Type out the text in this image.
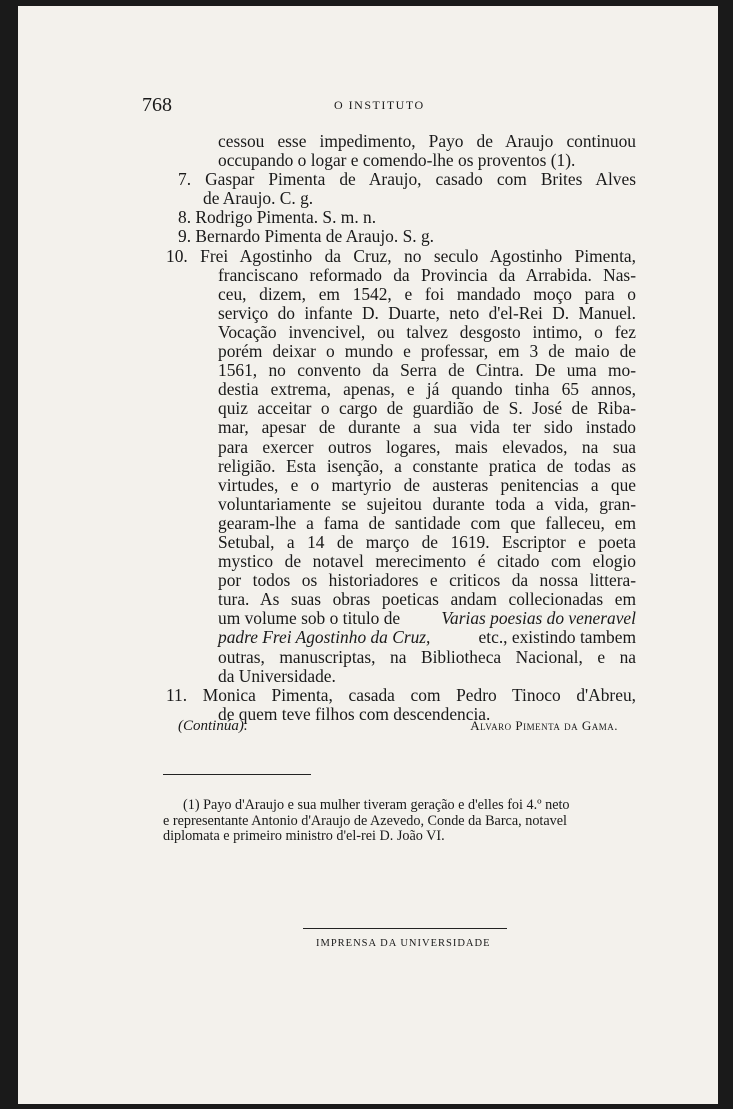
768	O INSTITUTO
cessou esse impedimento, Payo de Araujo continuou
occupando o logar e comendo-lhe os proventos (1).
7. Gaspar Pimenta de Araujo, casado com Brites Alves
de Araujo. C. g.
8. Rodrigo Pimenta. S. m. n.
9. Bernardo Pimenta de Araujo. S. g.
10. Frei Agostinho da Cruz, no seculo Agostinho Pimenta,
franciscano reformado da Provincia da Arrabida. Nas-
ceu, dizem, em 1542, e foi mandado moço para o
serviço do infante D. Duarte, neto d'el-Rei D. Manuel.
Vocação invencivel, ou talvez desgosto intimo, o fez
porém deixar o mundo e professar, em 3 de maio de
1561, no convento da Serra de Cintra. De uma mo-
destia extrema, apenas, e já quando tinha 65 annos,
quiz acceitar o cargo de guardião de S. José de Riba-
mar, apesar de durante a sua vida ter sido instado
para exercer outros logares, mais elevados, na sua
religião. Esta isenção, a constante pratica de todas as
virtudes, e o martyrio de austeras penitencias a que
voluntariamente se sujeitou durante toda a vida, gran-
gearam-lhe a fama de santidade com que falleceu, em
Setubal, a 14 de março de 1619. Escriptor e poeta
mystico de notavel merecimento é citado com elogio
por todos os historiadores e criticos da nossa littera-
tura. As suas obras poeticas andam collecionadas em
um volume sob o titulo de Varias poesias do veneravel
padre Frei Agostinho da Cruz,	etc., existindo tambem
outras, manuscriptas, na Bibliotheca Nacional, e na
da Universidade.
11. Monica Pimenta, casada com Pedro Tinoco d'Abreu,
de quem teve filhos com descendencia.
(Continúa).	Alvaro Pimenta da Gama.
(1) Payo d'Araujo e sua mulher tiveram geração e d'elles foi 4.º neto
e representante Antonio d'Araujo de Azevedo, Conde da Barca, notavel
diplomata e primeiro ministro d'el-rei D. João VI.
IMPRENSA DA UNIVERSIDADE
